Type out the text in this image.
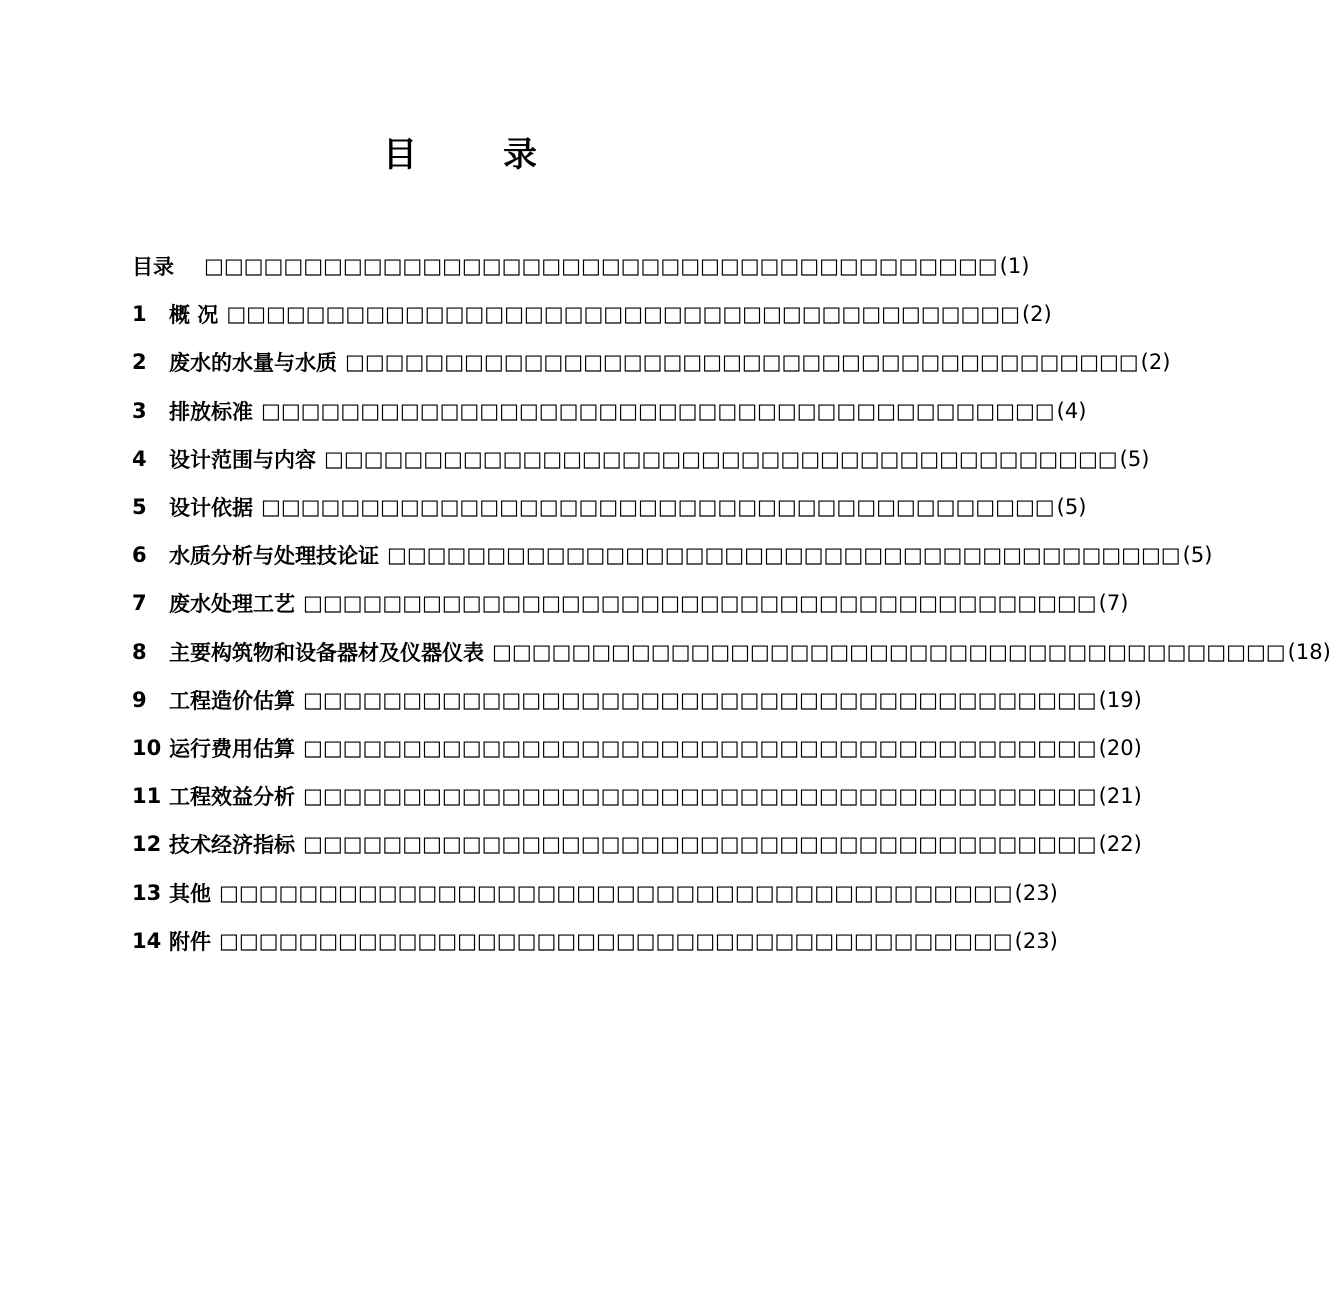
目	录
目录 □□□□□□□□□□□□□□□□□□□□□□□□□□□□□□□□□□□□□□□□ (1)
1	概 况 □□□□□□□□□□□□□□□□□□□□□□□□□□□□□□□□□□□□□□□□ (2)
2	废水的水量与水质 □□□□□□□□□□□□□□□□□□□□□□□□□□□□□□□□□□□□□□□□ (2)
3	排放标准 □□□□□□□□□□□□□□□□□□□□□□□□□□□□□□□□□□□□□□□□ (4)
4	设计范围与内容 □□□□□□□□□□□□□□□□□□□□□□□□□□□□□□□□□□□□□□□□ (5)
5	设计依据 □□□□□□□□□□□□□□□□□□□□□□□□□□□□□□□□□□□□□□□□ (5)
6	水质分析与处理技论证 □□□□□□□□□□□□□□□□□□□□□□□□□□□□□□□□□□□□□□□□ (5)
7	废水处理工艺 □□□□□□□□□□□□□□□□□□□□□□□□□□□□□□□□□□□□□□□□ (7)
8	主要构筑物和设备器材及仪器仪表 □□□□□□□□□□□□□□□□□□□□□□□□□□□□□□□□□□□□□□□□ (18)
9	工程造价估算 □□□□□□□□□□□□□□□□□□□□□□□□□□□□□□□□□□□□□□□□ (19)
10 运行费用估算 □□□□□□□□□□□□□□□□□□□□□□□□□□□□□□□□□□□□□□□□ (20)
11 工程效益分析 □□□□□□□□□□□□□□□□□□□□□□□□□□□□□□□□□□□□□□□□ (21)
12 技术经济指标 □□□□□□□□□□□□□□□□□□□□□□□□□□□□□□□□□□□□□□□□ (22)
13 其他 □□□□□□□□□□□□□□□□□□□□□□□□□□□□□□□□□□□□□□□□ (23)
14 附件 □□□□□□□□□□□□□□□□□□□□□□□□□□□□□□□□□□□□□□□□ (23)
